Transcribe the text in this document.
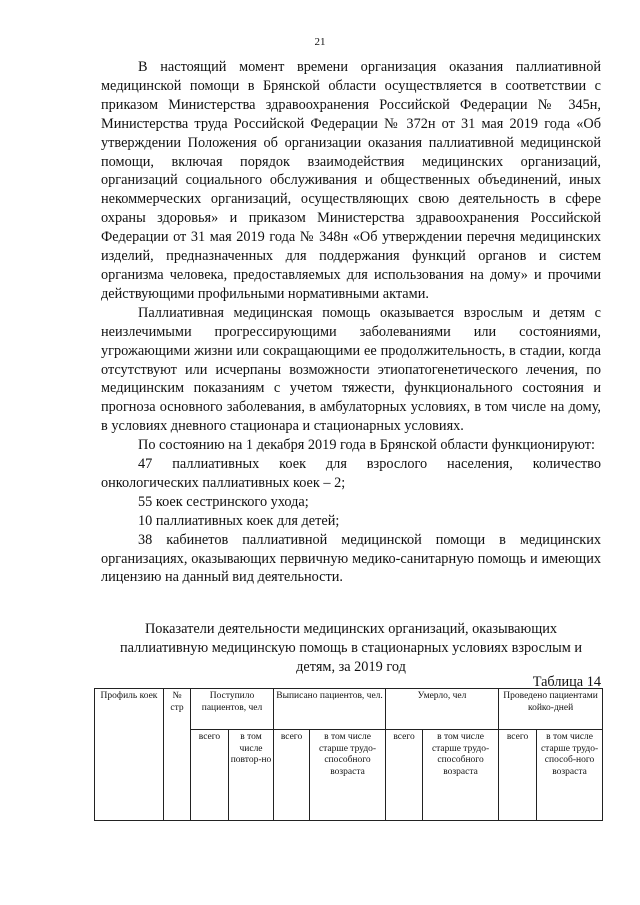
21

В настоящий момент времени организация оказания паллиативной медицинской помощи в Брянской области осуществляется в соответствии с приказом Министерства здравоохранения Российской Федерации № 345н, Министерства труда Российской Федерации № 372н от 31 мая 2019 года «Об утверждении Положения об организации оказания паллиативной медицинской помощи, включая порядок взаимодействия медицинских организаций, организаций социального обслуживания и общественных объединений, иных некоммерческих организаций, осуществляющих свою деятельность в сфере охраны здоровья» и приказом Министерства здравоохранения Российской Федерации от 31 мая 2019 года № 348н «Об утверждении перечня медицинских изделий, предназначенных для поддержания функций органов и систем организма человека, предоставляемых для использования на дому» и прочими действующими профильными нормативными актами.

Паллиативная медицинская помощь оказывается взрослым и детям с неизлечимыми прогрессирующими заболеваниями или состояниями, угрожающими жизни или сокращающими ее продолжительность, в стадии, когда отсутствуют или исчерпаны возможности этиопатогенетического лечения, по медицинским показаниям с учетом тяжести, функционального состояния и прогноза основного заболевания, в амбулаторных условиях, в том числе на дому, в условиях дневного стационара и стационарных условиях.

По состоянию на 1 декабря 2019 года в Брянской области функционируют:

47 паллиативных коек для взрослого населения, количество онкологических паллиативных коек – 2;

55 коек сестринского ухода;

10 паллиативных коек для детей;

38 кабинетов паллиативной медицинской помощи в медицинских организациях, оказывающих первичную медико-санитарную помощь и имеющих лицензию на данный вид деятельности.

Показатели деятельности медицинских организаций, оказывающих паллиативную медицинскую помощь в стационарных условиях взрослым и детям, за 2019 год
Таблица 14
Профиль коек	№ стр	Поступило пациентов, чел		Выписано пациентов, чел.		Умерло, чел		Проведено пациентами койко-дней	
		всего	в том числе повтор-но	всего	в том числе старше трудо-способного возраста	всего	в том числе старше трудо-способного возраста	всего	в том числе старше трудо-способ-ного возраста
